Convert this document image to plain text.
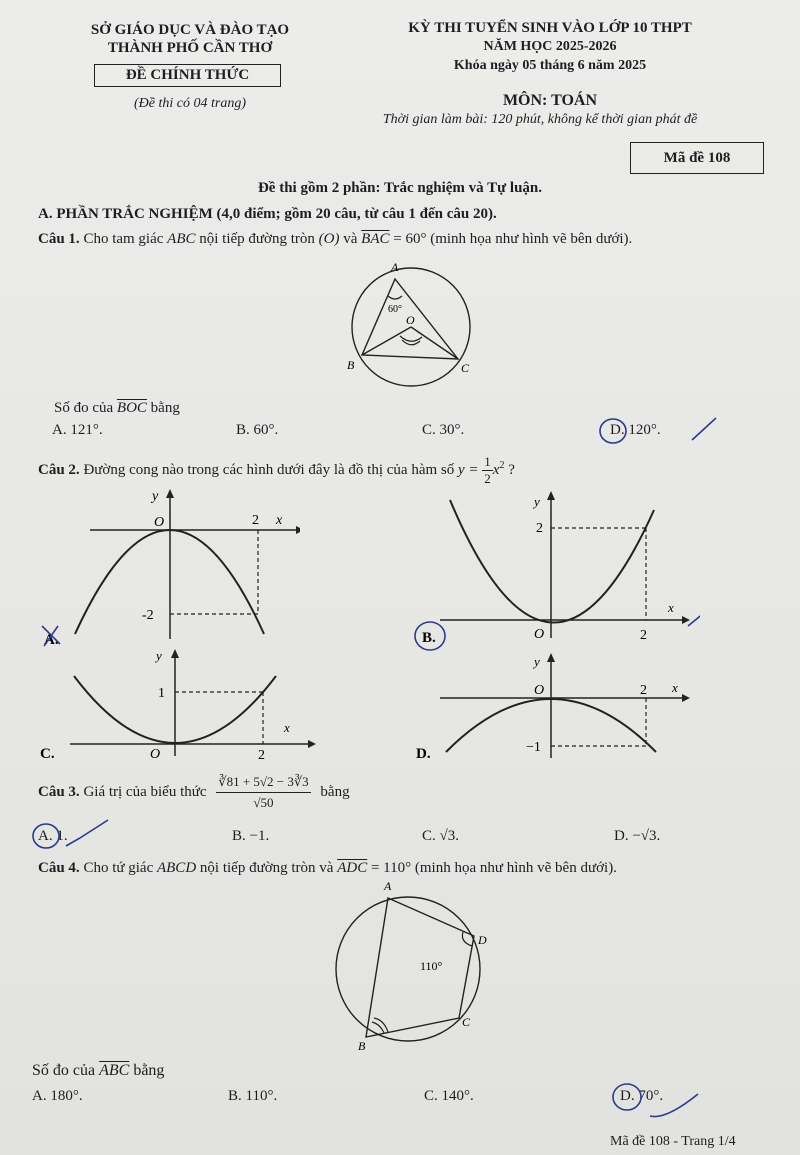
SỞ GIÁO DỤC VÀ ĐÀO TẠO
THÀNH PHỐ CẦN THƠ
ĐỀ CHÍNH THỨC
(Đề thi có 04 trang)
KỲ THI TUYỂN SINH VÀO LỚP 10 THPT
NĂM HỌC 2025-2026
Khóa ngày 05 tháng 6 năm 2025
MÔN: TOÁN
Thời gian làm bài: 120 phút, không kể thời gian phát đề
Mã đề 108
Đề thi gồm 2 phần: Trắc nghiệm và Tự luận.
A. PHẦN TRẮC NGHIỆM (4,0 điểm; gồm 20 câu, từ câu 1 đến câu 20).
Câu 1. Cho tam giác ABC nội tiếp đường tròn (O) và $\overline{BAC} = 60^\circ$ (minh họa như hình vẽ bên dưới).
A
B	C
O
60°
Số đo của $\overline{BOC}$ bằng
A. 121°.	B. 60°.	C. 30°.	D. 120°.
Câu 2. Đường cong nào trong các hình dưới đây là đồ thị của hàm số $y = \frac{1}{2} x^2$ ?
y
x
O	2
-2
A.
y
x
O	2
2
B.
y
x
O	2
1
C.
y
x
O	2
−1
D.
Câu 3. Giá trị của biểu thức $\frac{∛81 + 5√2 - 3∛3}{√50}$ bằng
A. 1.	B. −1.	C. √3.	D. −√3.
Câu 4. Cho tứ giác ABCD nội tiếp đường tròn và $\overline{ADC} = 110^\circ$ (minh họa như hình vẽ bên dưới).
A
D
C
B
110°
Số đo của $\overline{ABC}$ bằng
A. 180°.	B. 110°.	C. 140°.	D. 70°.
Mã đề 108 - Trang 1/4
